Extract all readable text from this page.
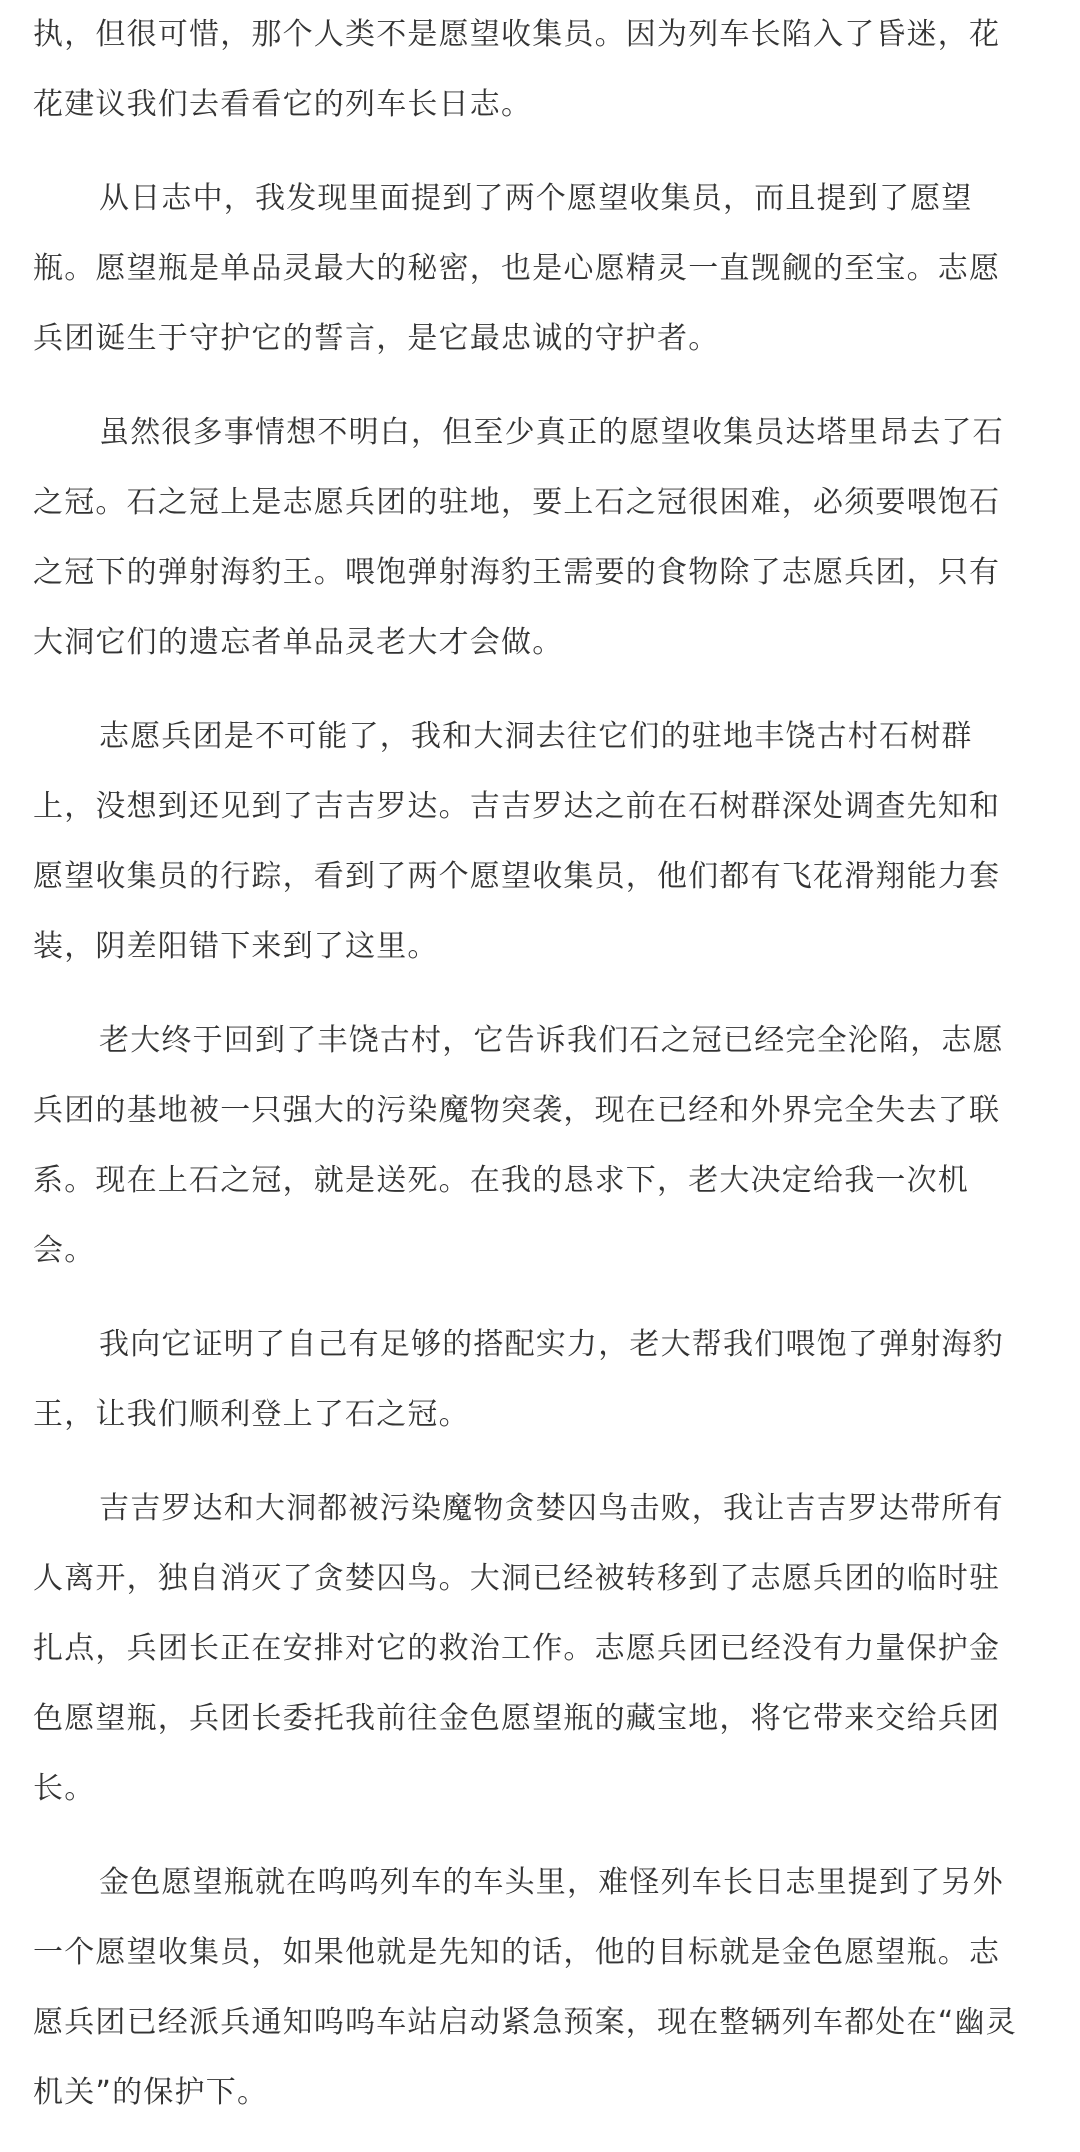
执，但很可惜，那个人类不是愿望收集员。因为列车长陷入了昏迷，花
花建议我们去看看它的列车长日志。
从日志中，我发现里面提到了两个愿望收集员，而且提到了愿望
瓶。愿望瓶是单品灵最大的秘密，也是心愿精灵一直觊觎的至宝。志愿
兵团诞生于守护它的誓言，是它最忠诚的守护者。
虽然很多事情想不明白，但至少真正的愿望收集员达塔里昂去了石
之冠。石之冠上是志愿兵团的驻地，要上石之冠很困难，必须要喂饱石
之冠下的弹射海豹王。喂饱弹射海豹王需要的食物除了志愿兵团，只有
大洞它们的遗忘者单品灵老大才会做。
志愿兵团是不可能了，我和大洞去往它们的驻地丰饶古村石树群
上，没想到还见到了吉吉罗达。吉吉罗达之前在石树群深处调查先知和
愿望收集员的行踪，看到了两个愿望收集员，他们都有飞花滑翔能力套
装，阴差阳错下来到了这里。
老大终于回到了丰饶古村，它告诉我们石之冠已经完全沦陷，志愿
兵团的基地被一只强大的污染魔物突袭，现在已经和外界完全失去了联
系。现在上石之冠，就是送死。在我的恳求下，老大决定给我一次机
会。
我向它证明了自己有足够的搭配实力，老大帮我们喂饱了弹射海豹
王，让我们顺利登上了石之冠。
吉吉罗达和大洞都被污染魔物贪婪囚鸟击败，我让吉吉罗达带所有
人离开，独自消灭了贪婪囚鸟。大洞已经被转移到了志愿兵团的临时驻
扎点，兵团长正在安排对它的救治工作。志愿兵团已经没有力量保护金
色愿望瓶，兵团长委托我前往金色愿望瓶的藏宝地，将它带来交给兵团
长。
金色愿望瓶就在呜呜列车的车头里，难怪列车长日志里提到了另外
一个愿望收集员，如果他就是先知的话，他的目标就是金色愿望瓶。志
愿兵团已经派兵通知呜呜车站启动紧急预案，现在整辆列车都处在“幽灵
机关”的保护下。
